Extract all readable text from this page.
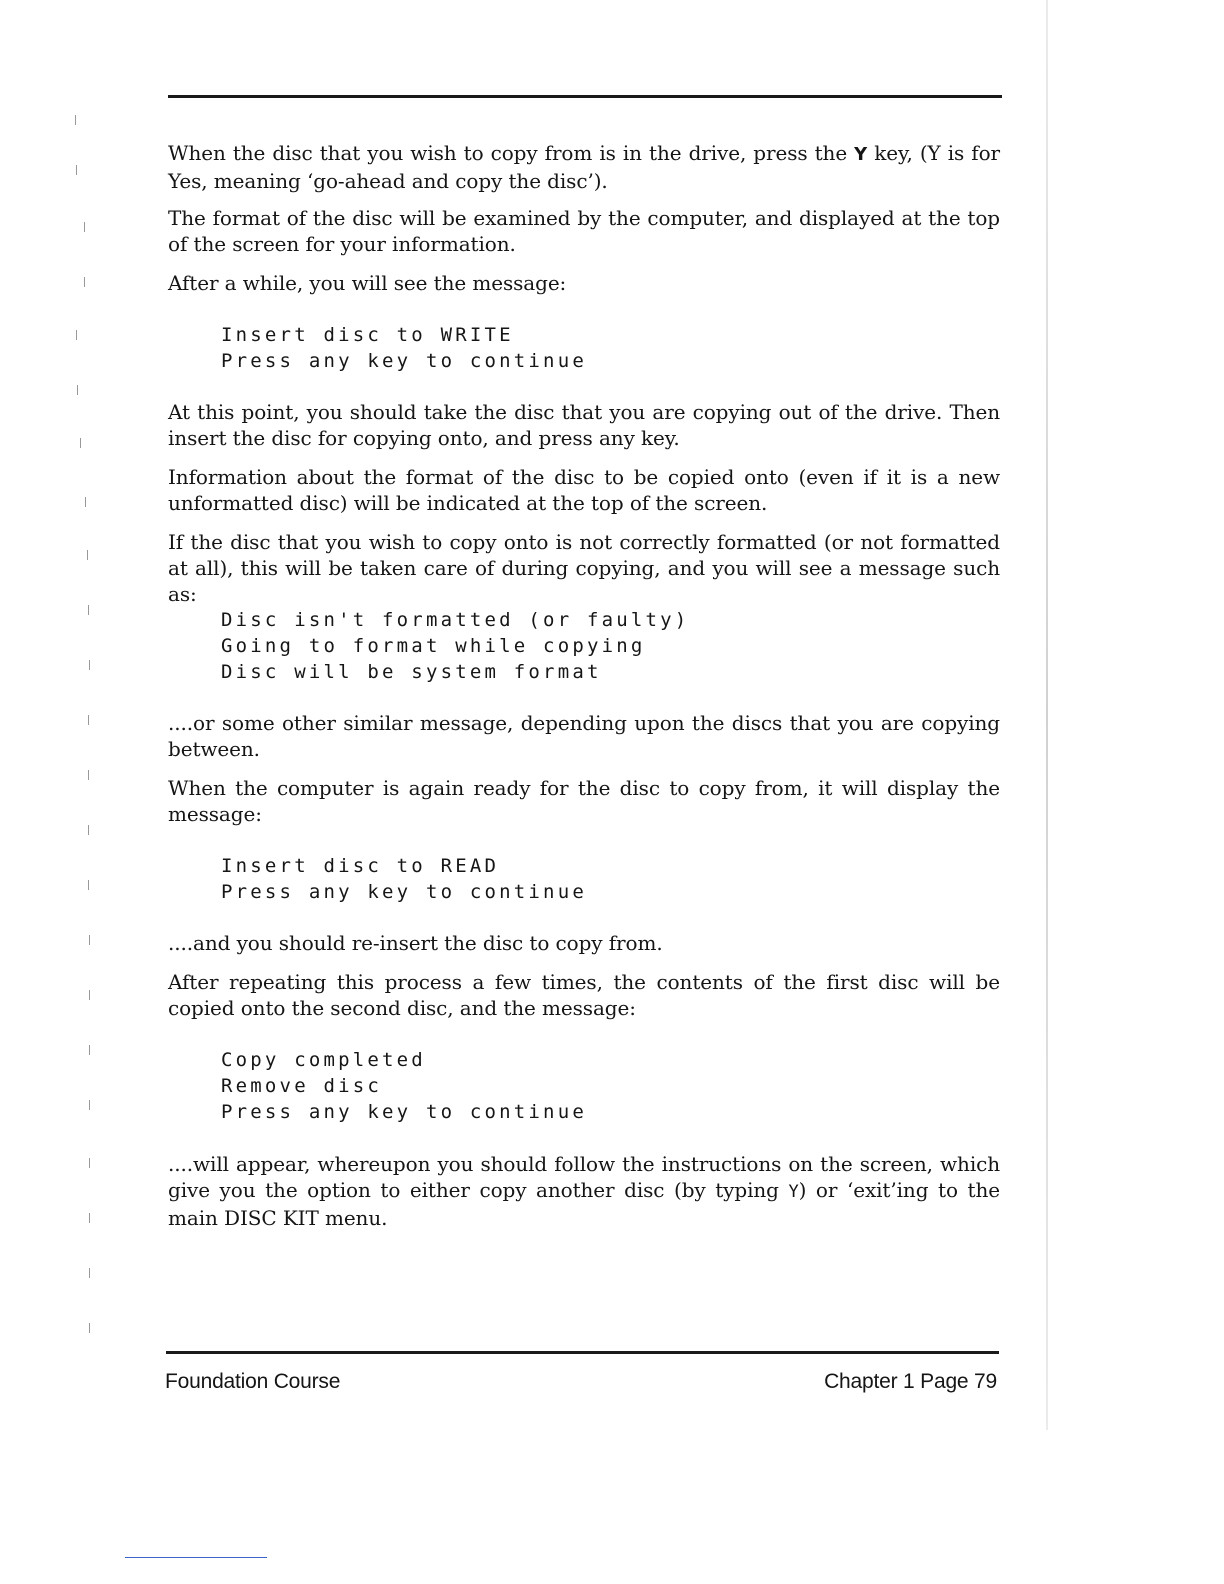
When the disc that you wish to copy from is in the drive, press the Y key, (Y is for Yes, meaning ‘go-ahead and copy the disc’).

The format of the disc will be examined by the computer, and displayed at the top of the screen for your information.

After a while, you will see the message:

Insert disc to WRITE
Press any key to continue

At this point, you should take the disc that you are copying out of the drive. Then insert the disc for copying onto, and press any key.

Information about the format of the disc to be copied onto (even if it is a new unformatted disc) will be indicated at the top of the screen.

If the disc that you wish to copy onto is not correctly formatted (or not formatted at all), this will be taken care of during copying, and you will see a message such as:

Disc isn't formatted (or faulty)
Going to format while copying
Disc will be system format

....or some other similar message, depending upon the discs that you are copying between.

When the computer is again ready for the disc to copy from, it will display the message:

Insert disc to READ
Press any key to continue

....and you should re-insert the disc to copy from.

After repeating this process a few times, the contents of the first disc will be copied onto the second disc, and the message:

Copy completed
Remove disc
Press any key to continue

....will appear, whereupon you should follow the instructions on the screen, which give you the option to either copy another disc (by typing Y) or ‘exit’ing to the main DISC KIT menu.

Foundation Course	Chapter 1 Page 79
